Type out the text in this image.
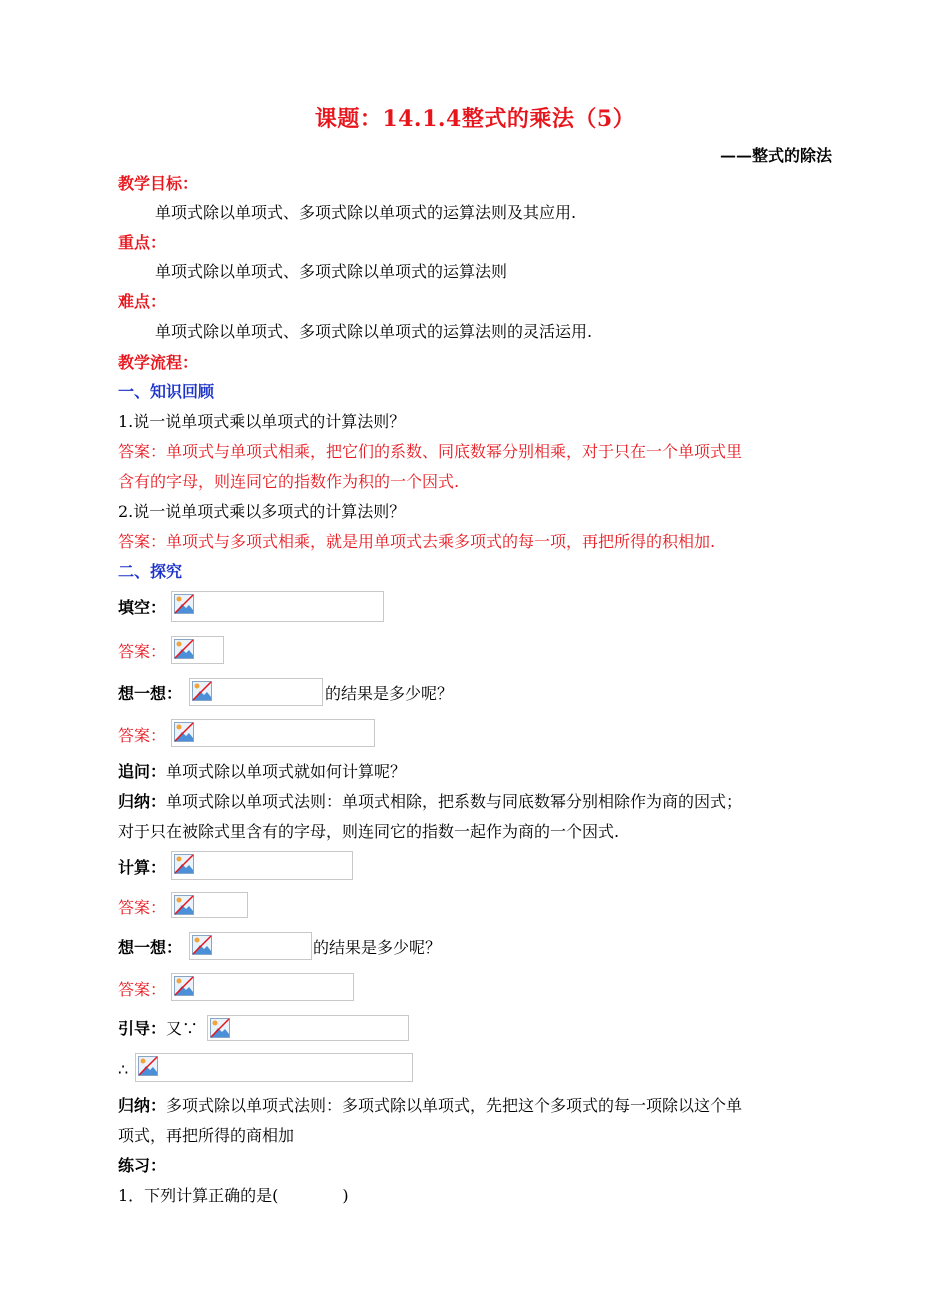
课题：14.1.4整式的乘法（5）
——整式的除法
教学目标：
单项式除以单项式、多项式除以单项式的运算法则及其应用.
重点：
单项式除以单项式、多项式除以单项式的运算法则
难点：
单项式除以单项式、多项式除以单项式的运算法则的灵活运用.
教学流程：
一、知识回顾
1.说一说单项式乘以单项式的计算法则？
答案：单项式与单项式相乘，把它们的系数、同底数幂分别相乘，对于只在一个单项式里
含有的字母，则连同它的指数作为积的一个因式.
2.说一说单项式乘以多项式的计算法则？
答案：单项式与多项式相乘，就是用单项式去乘多项式的每一项，再把所得的积相加.
二、探究
填空：
答案：
想一想：	的结果是多少呢？
答案：
追问：单项式除以单项式就如何计算呢？
归纳：单项式除以单项式法则：单项式相除，把系数与同底数幂分别相除作为商的因式；
对于只在被除式里含有的字母，则连同它的指数一起作为商的一个因式.
计算：
答案：
想一想：	的结果是多少呢？
答案：
引导：又∵
∴
归纳：多项式除以单项式法则：多项式除以单项式，先把这个多项式的每一项除以这个单
项式，再把所得的商相加
练习：
1．下列计算正确的是(　　　　)
